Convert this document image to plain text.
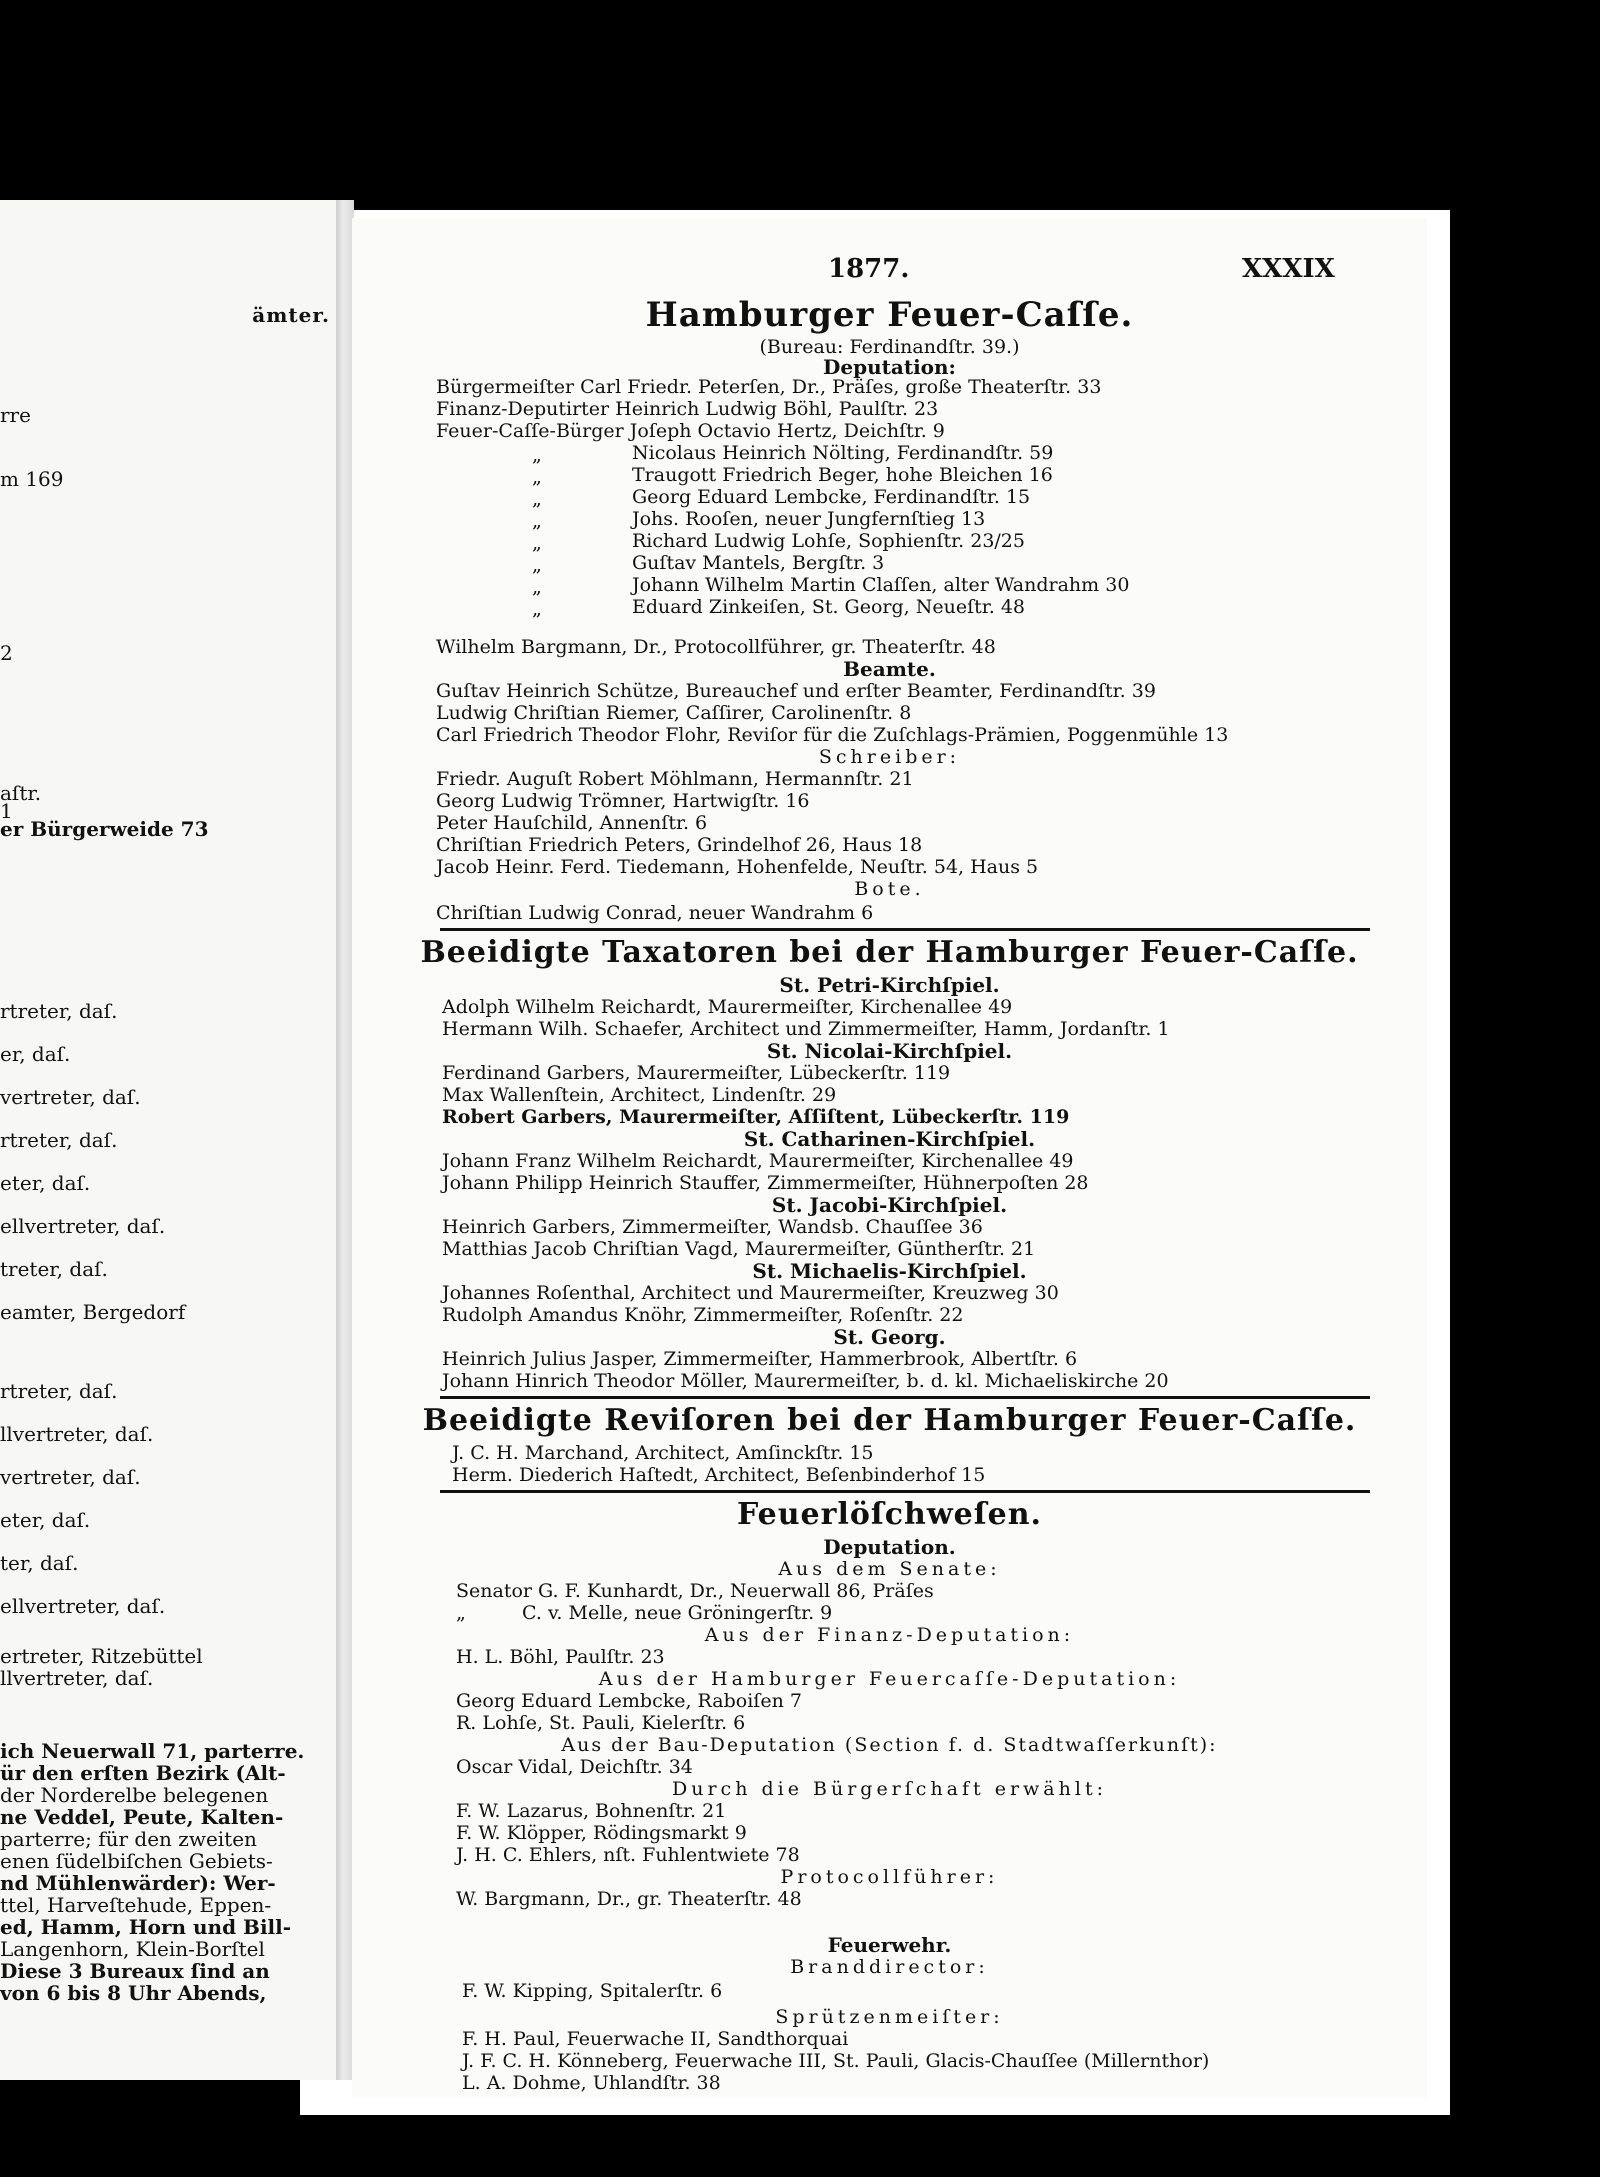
ämter.
rre
m 169
2
aſtr.
1
er Bürgerweide 73
rtreter, daſ.
er, daſ.
vertreter, daſ.
rtreter, daſ.
eter, daſ.
ellvertreter, daſ.
treter, daſ.
eamter, Bergedorf
rtreter, daſ.
llvertreter, daſ.
vertreter, daſ.
eter, daſ.
ter, daſ.
ellvertreter, daſ.
ertreter, Ritzebüttel
llvertreter, daſ.
ich Neuerwall 71, parterre.
ür den erſten Bezirk (Alt-
der Norderelbe belegenen
ne Veddel, Peute, Kalten-
parterre; für den zweiten
enen ſüdelbiſchen Gebiets-
nd Mühlenwärder): Wer-
ttel, Harveſtehude, Eppen-
ed, Hamm, Horn und Bill-
Langenhorn, Klein-Borſtel
Diese 3 Bureaux ſind an
von 6 bis 8 Uhr Abends,
1877.	XXXIX
Hamburger Feuer-Caſſe.
(Bureau: Ferdinandſtr. 39.)
Deputation:
Bürgermeiſter Carl Friedr. Peterſen, Dr., Präſes, große Theaterſtr. 33
Finanz-Deputirter Heinrich Ludwig Böhl, Paulſtr. 23
Feuer-Caſſe-Bürger Joſeph Octavio Hertz, Deichſtr. 9
Nicolaus Heinrich Nölting, Ferdinandſtr. 59
Traugott Friedrich Beger, hohe Bleichen 16
Georg Eduard Lembcke, Ferdinandſtr. 15
Johs. Rooſen, neuer Jungfernſtieg 13
Richard Ludwig Lohſe, Sophienſtr. 23/25
Guſtav Mantels, Bergſtr. 3
Johann Wilhelm Martin Claſſen, alter Wandrahm 30
Eduard Zinkeiſen, St. Georg, Neueſtr. 48
„
„
„
„
„
„
„
„
Wilhelm Bargmann, Dr., Protocollführer, gr. Theaterſtr. 48
Beamte.
Guſtav Heinrich Schütze, Bureauchef und erſter Beamter, Ferdinandſtr. 39
Ludwig Chriſtian Riemer, Caſſirer, Carolinenſtr. 8
Carl Friedrich Theodor Flohr, Reviſor für die Zuſchlags-Prämien, Poggenmühle 13
Schreiber:
Friedr. Auguſt Robert Möhlmann, Hermannſtr. 21
Georg Ludwig Trömner, Hartwigſtr. 16
Peter Hauſchild, Annenſtr. 6
Chriſtian Friedrich Peters, Grindelhof 26, Haus 18
Jacob Heinr. Ferd. Tiedemann, Hohenfelde, Neuſtr. 54, Haus 5
Bote.
Chriſtian Ludwig Conrad, neuer Wandrahm 6
Beeidigte Taxatoren bei der Hamburger Feuer-Caſſe.
St. Petri-Kirchſpiel.
Adolph Wilhelm Reichardt, Maurermeiſter, Kirchenallee 49
Hermann Wilh. Schaefer, Architect und Zimmermeiſter, Hamm, Jordanſtr. 1
St. Nicolai-Kirchſpiel.
Ferdinand Garbers, Maurermeiſter, Lübeckerſtr. 119
Max Wallenſtein, Architect, Lindenſtr. 29
Robert Garbers, Maurermeiſter, Aſſiſtent, Lübeckerſtr. 119
St. Catharinen-Kirchſpiel.
Johann Franz Wilhelm Reichardt, Maurermeiſter, Kirchenallee 49
Johann Philipp Heinrich Stauffer, Zimmermeiſter, Hühnerpoſten 28
St. Jacobi-Kirchſpiel.
Heinrich Garbers, Zimmermeiſter, Wandsb. Chauſſee 36
Matthias Jacob Chriſtian Vagd, Maurermeiſter, Güntherſtr. 21
St. Michaelis-Kirchſpiel.
Johannes Roſenthal, Architect und Maurermeiſter, Kreuzweg 30
Rudolph Amandus Knöhr, Zimmermeiſter, Roſenſtr. 22
St. Georg.
Heinrich Julius Jasper, Zimmermeiſter, Hammerbrook, Albertſtr. 6
Johann Hinrich Theodor Möller, Maurermeiſter, b. d. kl. Michaeliskirche 20
Beeidigte Reviſoren bei der Hamburger Feuer-Caſſe.
J. C. H. Marchand, Architect, Amſinckſtr. 15
Herm. Diederich Haſtedt, Architect, Beſenbinderhof 15
Feuerlöſchweſen.
Deputation.
Aus dem Senate:
Senator G. F. Kunhardt, Dr., Neuerwall 86, Präſes
„	C. v. Melle, neue Gröningerſtr. 9
Aus der Finanz-Deputation:
H. L. Böhl, Paulſtr. 23
Aus der Hamburger Feuercaſſe-Deputation:
Georg Eduard Lembcke, Raboiſen 7
R. Lohſe, St. Pauli, Kielerſtr. 6
Aus der Bau-Deputation (Section f. d. Stadtwaſſerkunſt):
Oscar Vidal, Deichſtr. 34
Durch die Bürgerſchaft erwählt:
F. W. Lazarus, Bohnenſtr. 21
F. W. Klöpper, Rödingsmarkt 9
J. H. C. Ehlers, nſt. Fuhlentwiete 78
Protocollführer:
W. Bargmann, Dr., gr. Theaterſtr. 48
Feuerwehr.
Branddirector:
F. W. Kipping, Spitalerſtr. 6
Sprützenmeiſter:
F. H. Paul, Feuerwache II, Sandthorquai
J. F. C. H. Könneberg, Feuerwache III, St. Pauli, Glacis-Chauſſee (Millernthor)
L. A. Dohme, Uhlandſtr. 38
